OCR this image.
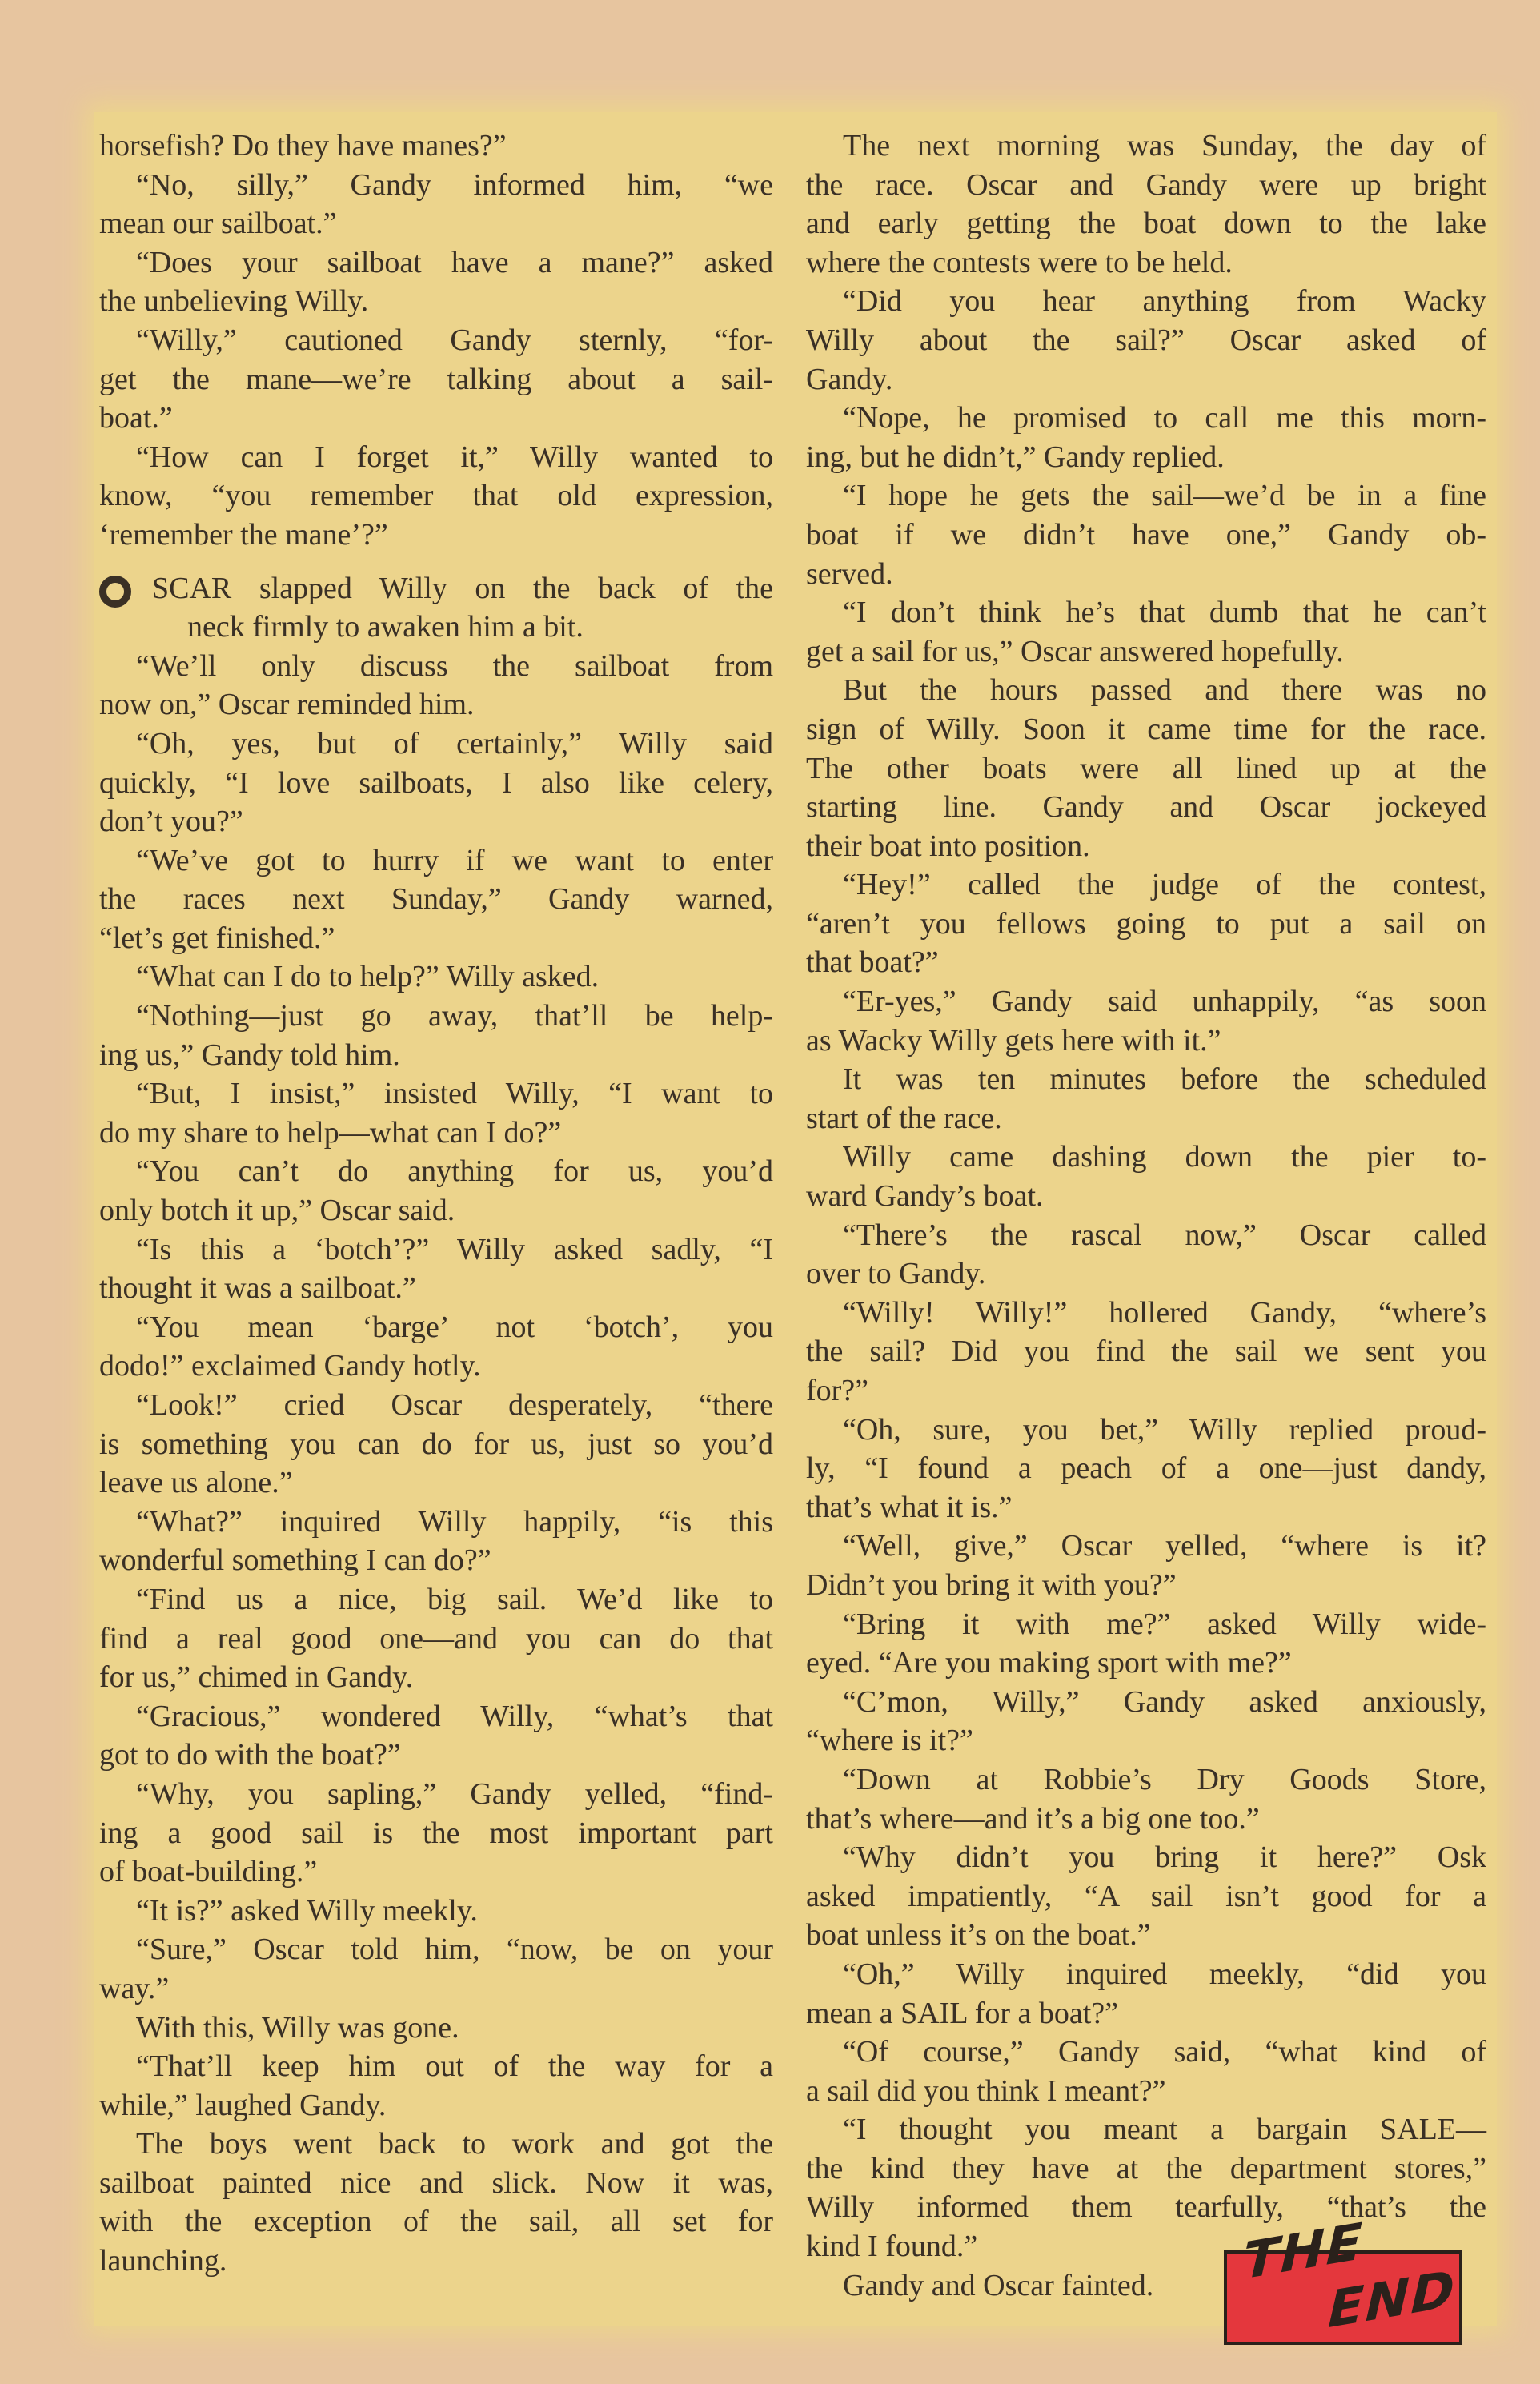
horsefish? Do they have manes?”
“No, silly,” Gandy informed him, “we
mean our sailboat.”
“Does your sailboat have a mane?” asked
the unbelieving Willy.
“Willy,” cautioned Gandy sternly, “for-
get the mane—we’re talking about a sail-
boat.”
“How can I forget it,” Willy wanted to
know, “you remember that old expression,
‘remember the mane’?”
SCAR slapped Willy on the back of the
neck firmly to awaken him a bit.
“We’ll only discuss the sailboat from
now on,” Oscar reminded him.
“Oh, yes, but of certainly,” Willy said
quickly, “I love sailboats, I also like celery,
don’t you?”
“We’ve got to hurry if we want to enter
the races next Sunday,” Gandy warned,
“let’s get finished.”
“What can I do to help?” Willy asked.
“Nothing—just go away, that’ll be help-
ing us,” Gandy told him.
“But, I insist,” insisted Willy, “I want to
do my share to help—what can I do?”
“You can’t do anything for us, you’d
only botch it up,” Oscar said.
“Is this a ‘botch’?” Willy asked sadly, “I
thought it was a sailboat.”
“You mean ‘barge’ not ‘botch’, you
dodo!” exclaimed Gandy hotly.
“Look!” cried Oscar desperately, “there
is something you can do for us, just so you’d
leave us alone.”
“What?” inquired Willy happily, “is this
wonderful something I can do?”
“Find us a nice, big sail. We’d like to
find a real good one—and you can do that
for us,” chimed in Gandy.
“Gracious,” wondered Willy, “what’s that
got to do with the boat?”
“Why, you sapling,” Gandy yelled, “find-
ing a good sail is the most important part
of boat-building.”
“It is?” asked Willy meekly.
“Sure,” Oscar told him, “now, be on your
way.”
With this, Willy was gone.
“That’ll keep him out of the way for a
while,” laughed Gandy.
The boys went back to work and got the
sailboat painted nice and slick. Now it was,
with the exception of the sail, all set for
launching.
The next morning was Sunday, the day of
the race. Oscar and Gandy were up bright
and early getting the boat down to the lake
where the contests were to be held.
“Did you hear anything from Wacky
Willy about the sail?” Oscar asked of
Gandy.
“Nope, he promised to call me this morn-
ing, but he didn’t,” Gandy replied.
“I hope he gets the sail—we’d be in a fine
boat if we didn’t have one,” Gandy ob-
served.
“I don’t think he’s that dumb that he can’t
get a sail for us,” Oscar answered hopefully.
But the hours passed and there was no
sign of Willy. Soon it came time for the race.
The other boats were all lined up at the
starting line. Gandy and Oscar jockeyed
their boat into position.
“Hey!” called the judge of the contest,
“aren’t you fellows going to put a sail on
that boat?”
“Er-yes,” Gandy said unhappily, “as soon
as Wacky Willy gets here with it.”
It was ten minutes before the scheduled
start of the race.
Willy came dashing down the pier to-
ward Gandy’s boat.
“There’s the rascal now,” Oscar called
over to Gandy.
“Willy! Willy!” hollered Gandy, “where’s
the sail? Did you find the sail we sent you
for?”
“Oh, sure, you bet,” Willy replied proud-
ly, “I found a peach of a one—just dandy,
that’s what it is.”
“Well, give,” Oscar yelled, “where is it?
Didn’t you bring it with you?”
“Bring it with me?” asked Willy wide-
eyed. “Are you making sport with me?”
“C’mon, Willy,” Gandy asked anxiously,
“where is it?”
“Down at Robbie’s Dry Goods Store,
that’s where—and it’s a big one too.”
“Why didn’t you bring it here?” Osk
asked impatiently, “A sail isn’t good for a
boat unless it’s on the boat.”
“Oh,” Willy inquired meekly, “did you
mean a SAIL for a boat?”
“Of course,” Gandy said, “what kind of
a sail did you think I meant?”
“I thought you meant a bargain SALE—
the kind they have at the department stores,”
Willy informed them tearfully, “that’s the
kind I found.”
Gandy and Oscar fainted.	THE
END
